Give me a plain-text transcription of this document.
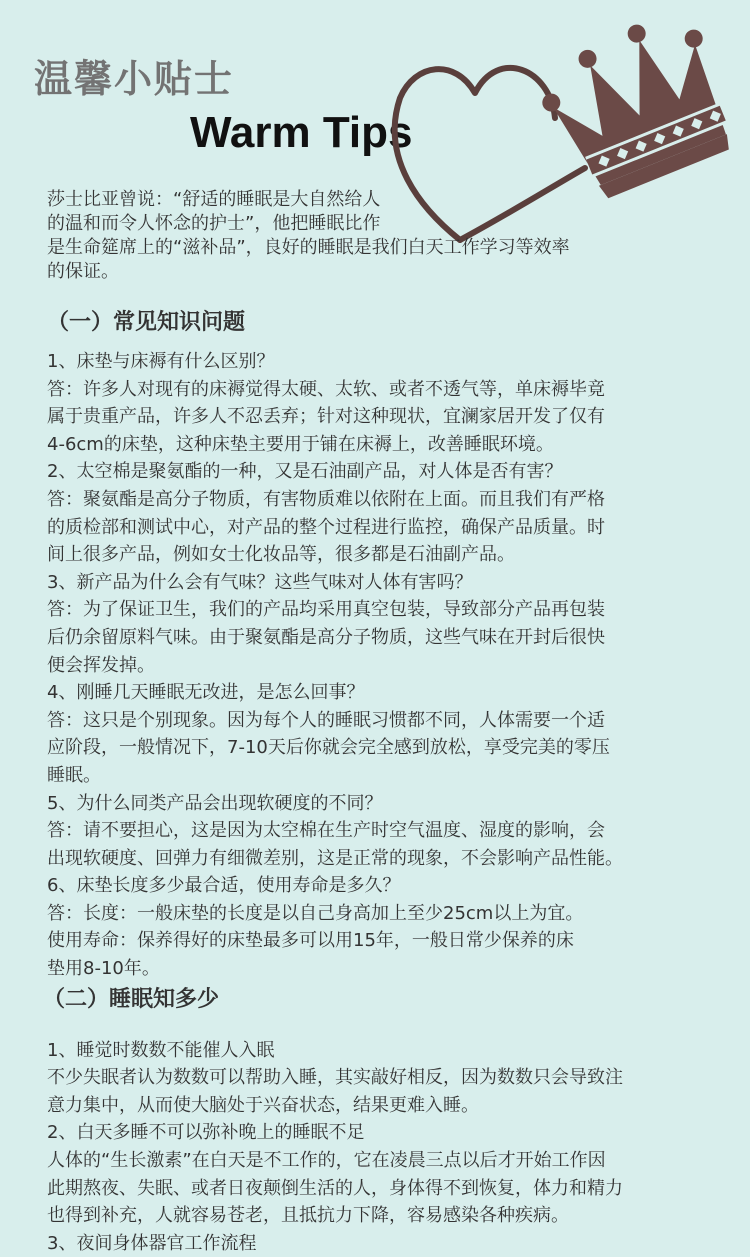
温馨小贴士
Warm Tips
莎士比亚曾说：“舒适的睡眠是大自然给人
的温和而令人怀念的护士”，他把睡眠比作
是生命筵席上的“滋补品”，良好的睡眠是我们白天工作学习等效率
的保证。
（一）常见知识问题
1、床垫与床褥有什么区别？
答：许多人对现有的床褥觉得太硬、太软、或者不透气等，单床褥毕竟
属于贵重产品，许多人不忍丢弃；针对这种现状，宜澜家居开发了仅有
4-6cm的床垫，这种床垫主要用于铺在床褥上，改善睡眠环境。
2、太空棉是聚氨酯的一种，又是石油副产品，对人体是否有害？
答：聚氨酯是高分子物质，有害物质难以依附在上面。而且我们有严格
的质检部和测试中心，对产品的整个过程进行监控，确保产品质量。时
间上很多产品，例如女士化妆品等，很多都是石油副产品。
3、新产品为什么会有气味？这些气味对人体有害吗？
答：为了保证卫生，我们的产品均采用真空包装，导致部分产品再包装
后仍余留原料气味。由于聚氨酯是高分子物质，这些气味在开封后很快
便会挥发掉。
4、刚睡几天睡眠无改进，是怎么回事？
答：这只是个别现象。因为每个人的睡眠习惯都不同，人体需要一个适
应阶段，一般情况下，7-10天后你就会完全感到放松，享受完美的零压
睡眠。
5、为什么同类产品会出现软硬度的不同？
答：请不要担心，这是因为太空棉在生产时空气温度、湿度的影响，会
出现软硬度、回弹力有细微差别，这是正常的现象，不会影响产品性能。
6、床垫长度多少最合适，使用寿命是多久？
答：长度：一般床垫的长度是以自己身高加上至少25cm以上为宜。
使用寿命：保养得好的床垫最多可以用15年，一般日常少保养的床
垫用8-10年。
（二）睡眠知多少
1、睡觉时数数不能催人入眠
不少失眠者认为数数可以帮助入睡，其实敲好相反，因为数数只会导致注
意力集中，从而使大脑处于兴奋状态，结果更难入睡。
2、白天多睡不可以弥补晚上的睡眠不足
人体的“生长激素”在白天是不工作的，它在凌晨三点以后才开始工作因
此期熬夜、失眠、或者日夜颠倒生活的人，身体得不到恢复，体力和精力
也得到补充，人就容易苍老，且抵抗力下降，容易感染各种疾病。
3、夜间身体器官工作流程
